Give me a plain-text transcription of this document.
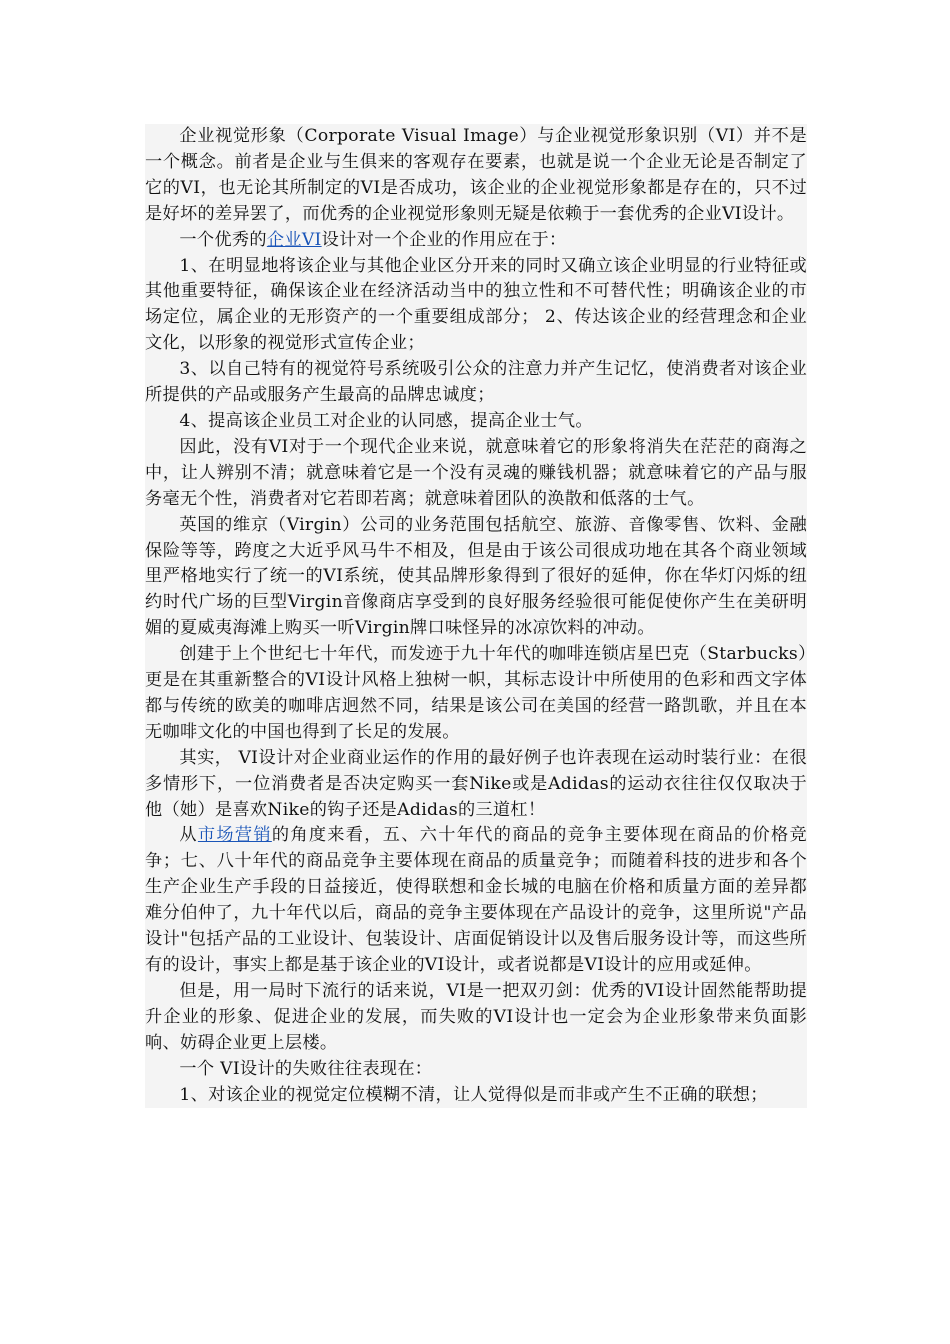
企业视觉形象（Corporate Visual Image）与企业视觉形象识别（VI）并不是一个概念。前者是企业与生俱来的客观存在要素，也就是说一个企业无论是否制定了它的VI，也无论其所制定的VI是否成功，该企业的企业视觉形象都是存在的，只不过是好坏的差异罢了，而优秀的企业视觉形象则无疑是依赖于一套优秀的企业VI设计。

一个优秀的企业VI设计对一个企业的作用应在于：

1、在明显地将该企业与其他企业区分开来的同时又确立该企业明显的行业特征或其他重要特征，确保该企业在经济活动当中的独立性和不可替代性；明确该企业的市场定位，属企业的无形资产的一个重要组成部分； 2、传达该企业的经营理念和企业文化，以形象的视觉形式宣传企业；

3、以自己特有的视觉符号系统吸引公众的注意力并产生记忆，使消费者对该企业所提供的产品或服务产生最高的品牌忠诚度；

4、提高该企业员工对企业的认同感，提高企业士气。

因此，没有VI对于一个现代企业来说，就意味着它的形象将消失在茫茫的商海之中，让人辨别不清；就意味着它是一个没有灵魂的赚钱机器；就意味着它的产品与服务毫无个性，消费者对它若即若离；就意味着团队的涣散和低落的士气。

英国的维京（Virgin）公司的业务范围包括航空、旅游、音像零售、饮料、金融保险等等，跨度之大近乎风马牛不相及，但是由于该公司很成功地在其各个商业领域里严格地实行了统一的VI系统，使其品牌形象得到了很好的延伸，你在华灯闪烁的纽约时代广场的巨型Virgin音像商店享受到的良好服务经验很可能促使你产生在美研明媚的夏威夷海滩上购买一听Virgin牌口味怪异的冰凉饮料的冲动。

创建于上个世纪七十年代，而发迹于九十年代的咖啡连锁店星巴克（Starbucks）更是在其重新整合的VI设计风格上独树一帜，其标志设计中所使用的色彩和西文字体都与传统的欧美的咖啡店迥然不同，结果是该公司在美国的经营一路凯歌，并且在本无咖啡文化的中国也得到了长足的发展。

其实， VI设计对企业商业运作的作用的最好例子也许表现在运动时装行业：在很多情形下，一位消费者是否决定购买一套Nike或是Adidas的运动衣往往仅仅取决于他（她）是喜欢Nike的钩子还是Adidas的三道杠！

从市场营销的角度来看，五、六十年代的商品的竞争主要体现在商品的价格竞争；七、八十年代的商品竞争主要体现在商品的质量竞争；而随着科技的进步和各个生产企业生产手段的日益接近，使得联想和金长城的电脑在价格和质量方面的差异都难分伯仲了，九十年代以后，商品的竞争主要体现在产品设计的竞争，这里所说"产品设计"包括产品的工业设计、包装设计、店面促销设计以及售后服务设计等，而这些所有的设计，事实上都是基于该企业的VI设计，或者说都是VI设计的应用或延伸。

但是，用一局时下流行的话来说，VI是一把双刃剑：优秀的VI设计固然能帮助提升企业的形象、促进企业的发展，而失败的VI设计也一定会为企业形象带来负面影响、妨碍企业更上层楼。

一个 VI设计的失败往往表现在：

1、对该企业的视觉定位模糊不清，让人觉得似是而非或产生不正确的联想；
